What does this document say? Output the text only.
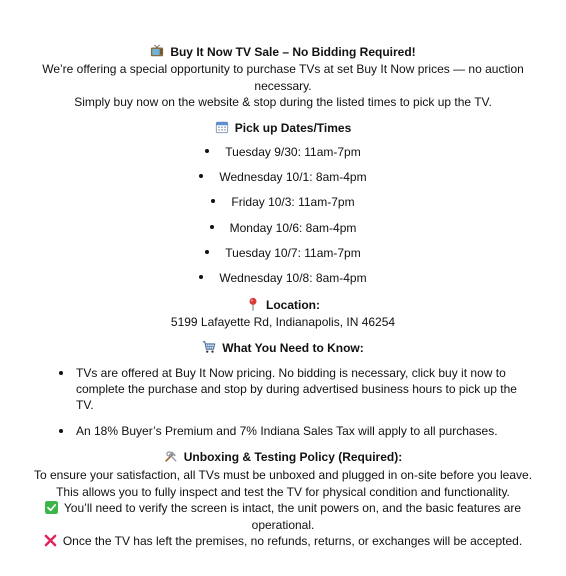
Buy It Now TV Sale – No Bidding Required!

We’re offering a special opportunity to purchase TVs at set Buy It Now prices — no auction necessary.

Simply buy now on the website & stop during the listed times to pick up the TV.

Pick up Dates/Times
Tuesday 9/30: 11am-7pm
Wednesday 10/1: 8am-4pm
Friday 10/3: 11am-7pm
Monday 10/6: 8am-4pm
Tuesday 10/7: 11am-7pm
Wednesday 10/8: 8am-4pm
Location:

5199 Lafayette Rd, Indianapolis, IN 46254

What You Need to Know:
TVs are offered at Buy It Now pricing. No bidding is necessary, click buy it now to complete the purchase and stop by during advertised business hours to pick up the TV.
An 18% Buyer’s Premium and 7% Indiana Sales Tax will apply to all purchases.
Unboxing & Testing Policy (Required):

To ensure your satisfaction, all TVs must be unboxed and plugged in on-site before you leave.

This allows you to fully inspect and test the TV for physical condition and functionality.

You’ll need to verify the screen is intact, the unit powers on, and the basic features are operational.

Once the TV has left the premises, no refunds, returns, or exchanges will be accepted.
